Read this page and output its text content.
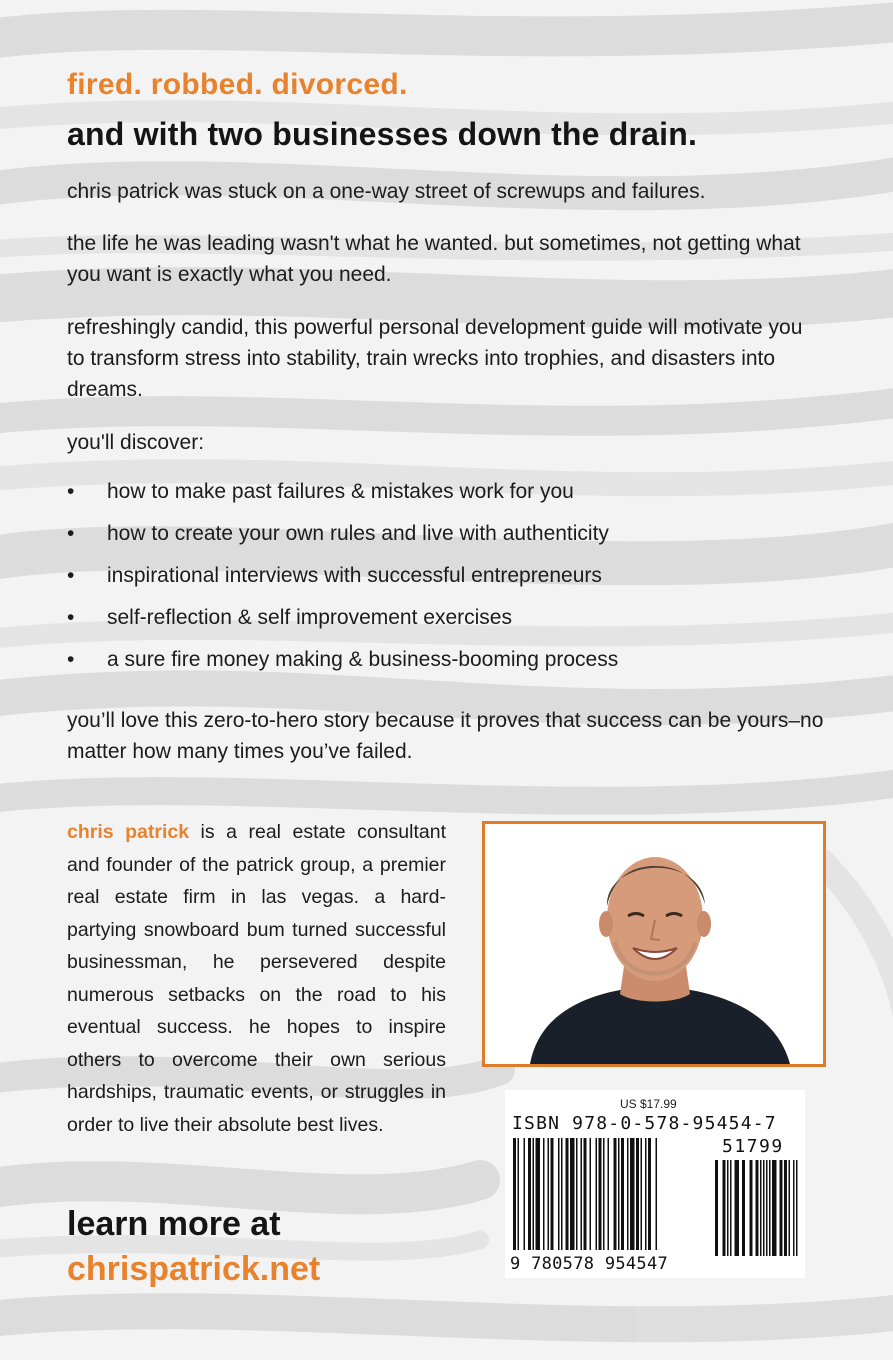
fired. robbed. divorced.
and with two businesses down the drain.

chris patrick was stuck on a one-way street of screwups and failures.

the life he was leading wasn't what he wanted. but sometimes, not getting what you want is exactly what you need.

refreshingly candid, this powerful personal development guide will motivate you to transform stress into stability, train wrecks into trophies, and disasters into dreams.

you'll discover:

• how to make past failures & mistakes work for you
• how to create your own rules and live with authenticity
• inspirational interviews with successful entrepreneurs
• self-reflection & self improvement exercises
• a sure fire money making & business-booming process

you’ll love this zero-to-hero story because it proves that success can be yours–no matter how many times you’ve failed.

chris patrick is a real estate consultant and founder of the patrick group, a premier real estate firm in las vegas. a hard-partying snowboard bum turned successful businessman, he persevered despite numerous setbacks on the road to his eventual success. he hopes to inspire others to overcome their own serious hardships, traumatic events, or struggles in order to live their absolute best lives.

learn more at

chrispatrick.net

US $17.99
ISBN 978-0-578-95454-7
51799
9 780578 954547
